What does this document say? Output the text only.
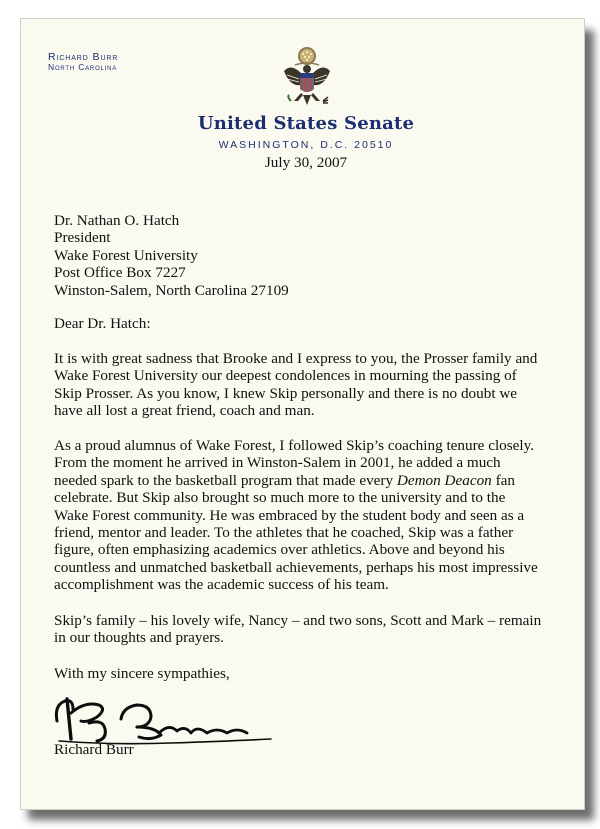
Richard Burr
North Carolina
United States Senate
WASHINGTON, D.C. 20510
July 30, 2007
Dr. Nathan O. Hatch
President
Wake Forest University
Post Office Box 7227
Winston-Salem, North Carolina 27109
Dear Dr. Hatch:
It is with great sadness that Brooke and I express to you, the Prosser family and
Wake Forest University our deepest condolences in mourning the passing of
Skip Prosser. As you know, I knew Skip personally and there is no doubt we
have all lost a great friend, coach and man.
As a proud alumnus of Wake Forest, I followed Skip’s coaching tenure closely.
From the moment he arrived in Winston-Salem in 2001, he added a much
needed spark to the basketball program that made every Demon Deacon fan
celebrate. But Skip also brought so much more to the university and to the
Wake Forest community. He was embraced by the student body and seen as a
friend, mentor and leader. To the athletes that he coached, Skip was a father
figure, often emphasizing academics over athletics. Above and beyond his
countless and unmatched basketball achievements, perhaps his most impressive
accomplishment was the academic success of his team.
Skip’s family – his lovely wife, Nancy – and two sons, Scott and Mark – remain
in our thoughts and prayers.
With my sincere sympathies,
Richard Burr
